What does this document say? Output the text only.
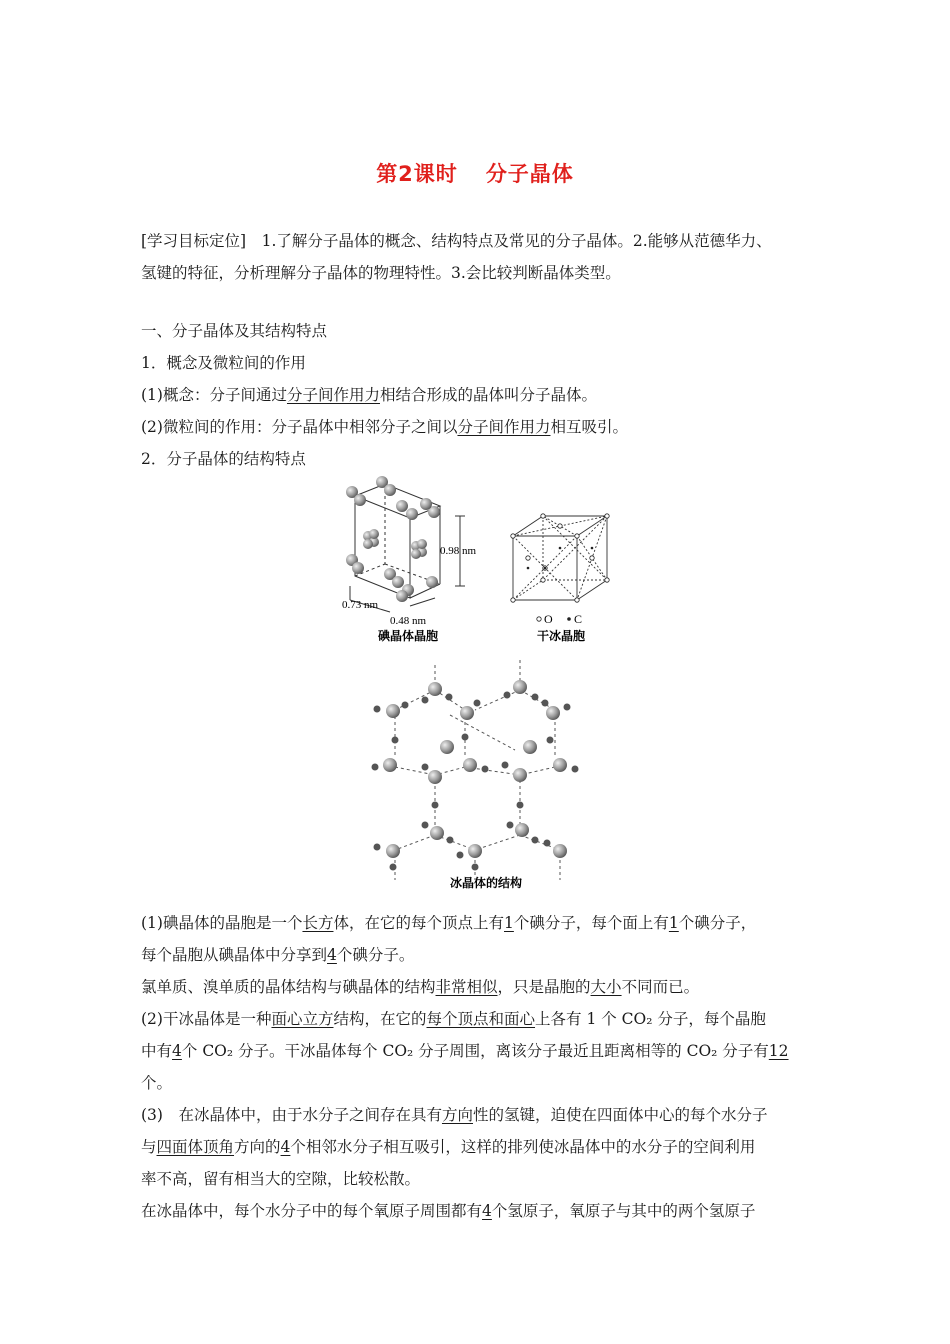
第2课时 分子晶体
[学习目标定位]　1.了解分子晶体的概念、结构特点及常见的分子晶体。2.能够从范德华力、
氢键的特征，分析理解分子晶体的物理特性。3.会比较判断晶体类型。
一、分子晶体及其结构特点
1．概念及微粒间的作用
(1)概念：分子间通过分子间作用力相结合形成的晶体叫分子晶体。
(2)微粒间的作用：分子晶体中相邻分子之间以分子间作用力相互吸引。
2．分子晶体的结构特点
0.98 nm
0.73 nm
0.48 nm
碘晶体晶胞
O C
干冰晶胞
冰晶体的结构
(1)碘晶体的晶胞是一个长方体，在它的每个顶点上有1个碘分子，每个面上有1个碘分子，
每个晶胞从碘晶体中分享到4个碘分子。
氯单质、溴单质的晶体结构与碘晶体的结构非常相似，只是晶胞的大小不同而已。
(2)干冰晶体是一种面心立方结构，在它的每个顶点和面心上各有 1 个 CO₂ 分子，每个晶胞
中有4个 CO₂ 分子。干冰晶体每个 CO₂ 分子周围，离该分子最近且距离相等的 CO₂ 分子有12
个。
(3)　在冰晶体中，由于水分子之间存在具有方向性的氢键，迫使在四面体中心的每个水分子
与四面体顶角方向的4个相邻水分子相互吸引，这样的排列使冰晶体中的水分子的空间利用
率不高，留有相当大的空隙，比较松散。
在冰晶体中，每个水分子中的每个氧原子周围都有4个氢原子，氧原子与其中的两个氢原子
